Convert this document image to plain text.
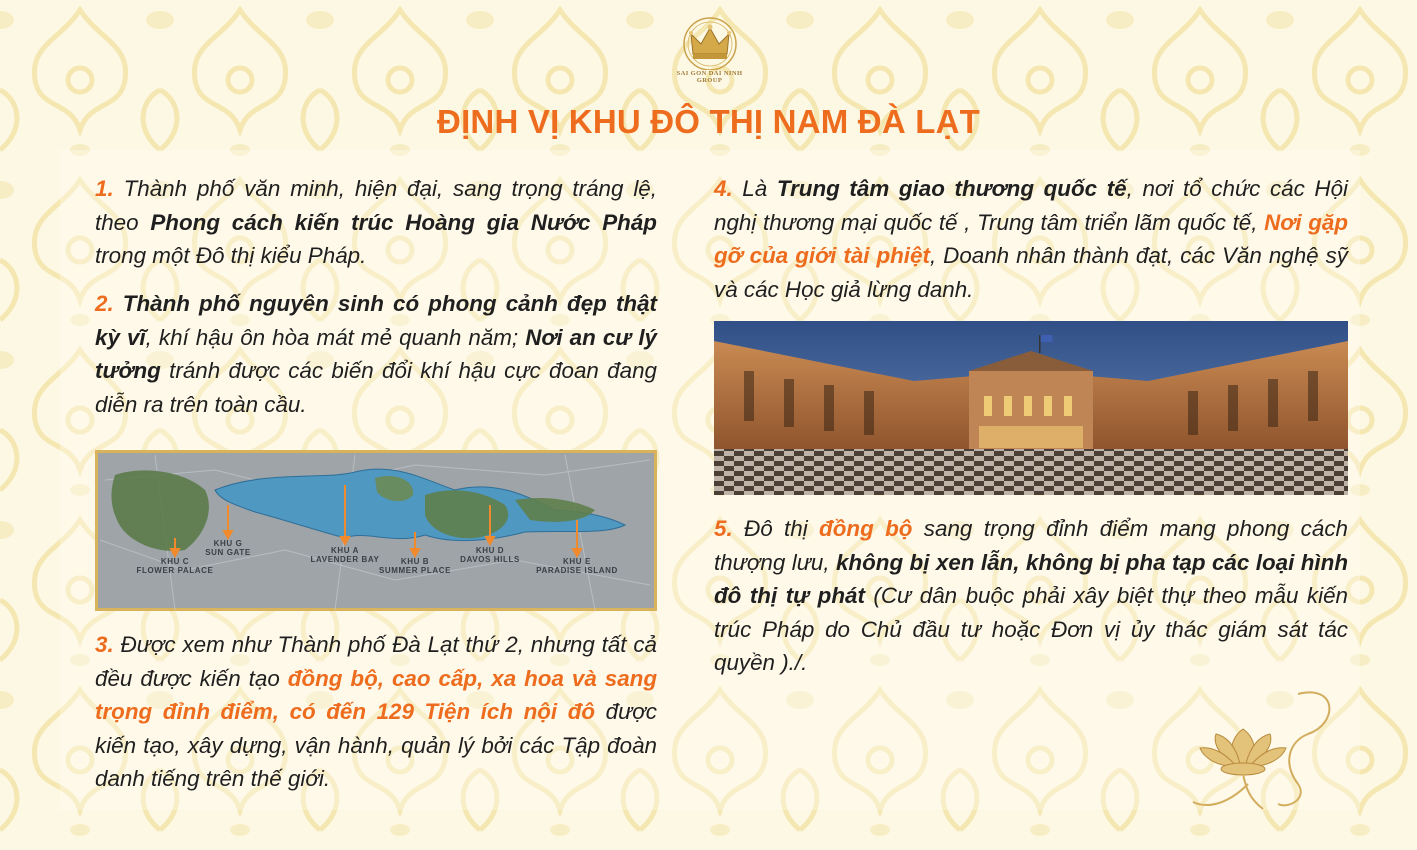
SAI GON DAI NINH
GROUP
ĐỊNH VỊ KHU ĐÔ THỊ NAM ĐÀ LẠT

1. Thành phố văn minh, hiện đại, sang trọng tráng lệ, theo Phong cách kiến trúc Hoàng gia Nước Pháp trong một Đô thị kiểu Pháp.

2. Thành phố nguyên sinh có phong cảnh đẹp thật kỳ vĩ, khí hậu ôn hòa mát mẻ quanh năm; Nơi an cư lý tưởng tránh được các biến đổi khí hậu cực đoan đang diễn ra trên toàn cầu.

KHU C
FLOWER PALACE
KHU G
SUN GATE	KHU A
LAVENDER BAY	KHU B
SUMMER PLACE
KHU D
DAVOS HILLS	KHU E
PARADISE ISLAND

3. Được xem như Thành phố Đà Lạt thứ 2, nhưng tất cả đều được kiến tạo đồng bộ, cao cấp, xa hoa và sang trọng đỉnh điểm, có đến 129 Tiện ích nội đô được kiến tạo, xây dựng, vận hành, quản lý bởi các Tập đoàn danh tiếng trên thế giới.

4. Là Trung tâm giao thương quốc tế, nơi tổ chức các Hội nghị thương mại quốc tế , Trung tâm triển lãm quốc tế, Nơi gặp gỡ của giới tài phiệt, Doanh nhân thành đạt, các Văn nghệ sỹ và các Học giả lừng danh.

5. Đô thị đồng bộ sang trọng đỉnh điểm mang phong cách thượng lưu, không bị xen lẫn, không bị pha tạp các loại hình đô thị tự phát (Cư dân buộc phải xây biệt thự theo mẫu kiến trúc Pháp do Chủ đầu tư hoặc Đơn vị ủy thác giám sát tác quyền )./.
